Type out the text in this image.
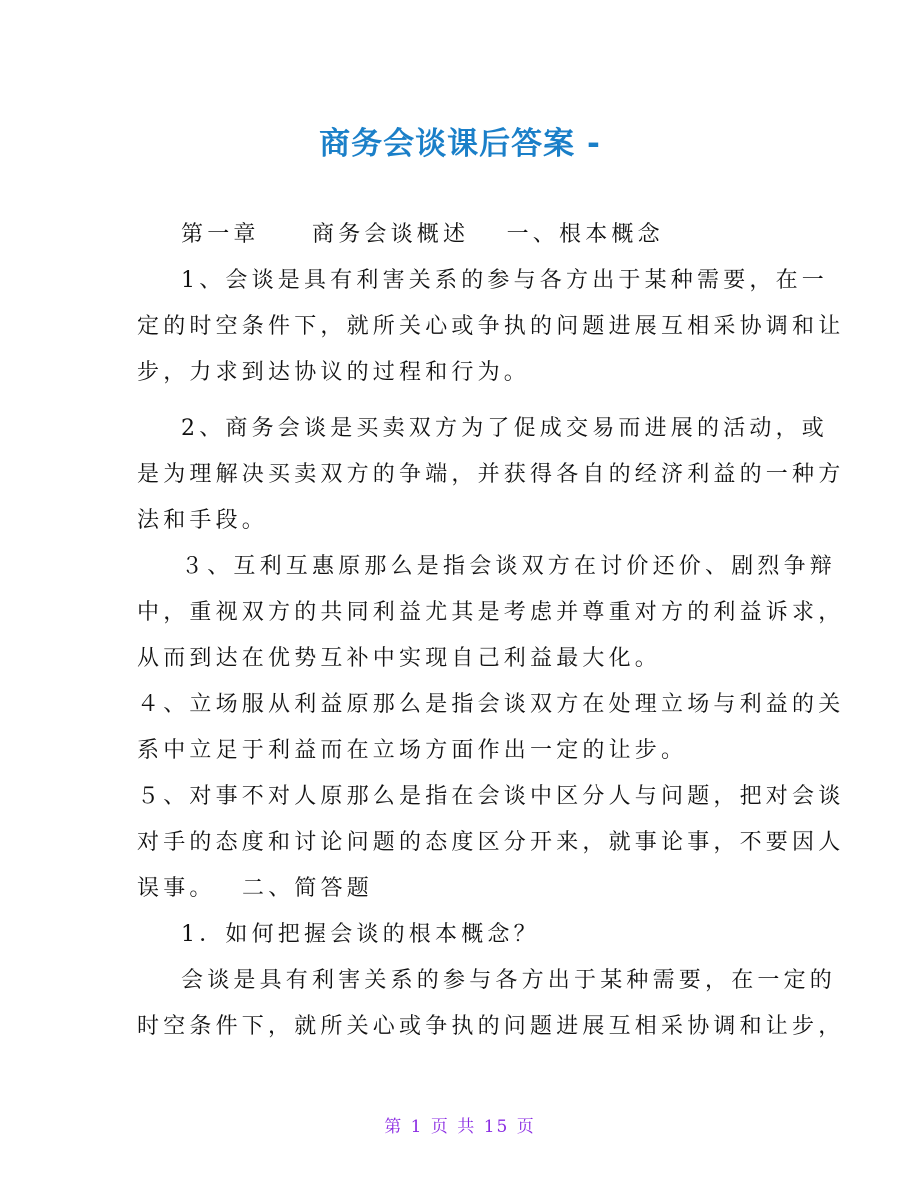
商务会谈课后答案 -
第一章　　商务会谈概述　 一、根本概念
1、会谈是具有利害关系的参与各方出于某种需要，在一
定的时空条件下，就所关心或争执的问题进展互相采协调和让
步，力求到达协议的过程和行为。
2、商务会谈是买卖双方为了促成交易而进展的活动，或
是为理解决买卖双方的争端，并获得各自的经济利益的一种方
法和手段。
３、互利互惠原那么是指会谈双方在讨价还价、剧烈争辩
中，重视双方的共同利益尤其是考虑并尊重对方的利益诉求，
从而到达在优势互补中实现自己利益最大化。
４、立场服从利益原那么是指会谈双方在处理立场与利益的关
系中立足于利益而在立场方面作出一定的让步。
５、对事不对人原那么是指在会谈中区分人与问题，把对会谈
对手的态度和讨论问题的态度区分开来，就事论事，不要因人
误事。　 二、简答题
1．如何把握会谈的根本概念？
会谈是具有利害关系的参与各方出于某种需要，在一定的
时空条件下，就所关心或争执的问题进展互相采协调和让步，
第 1 页 共 15 页
